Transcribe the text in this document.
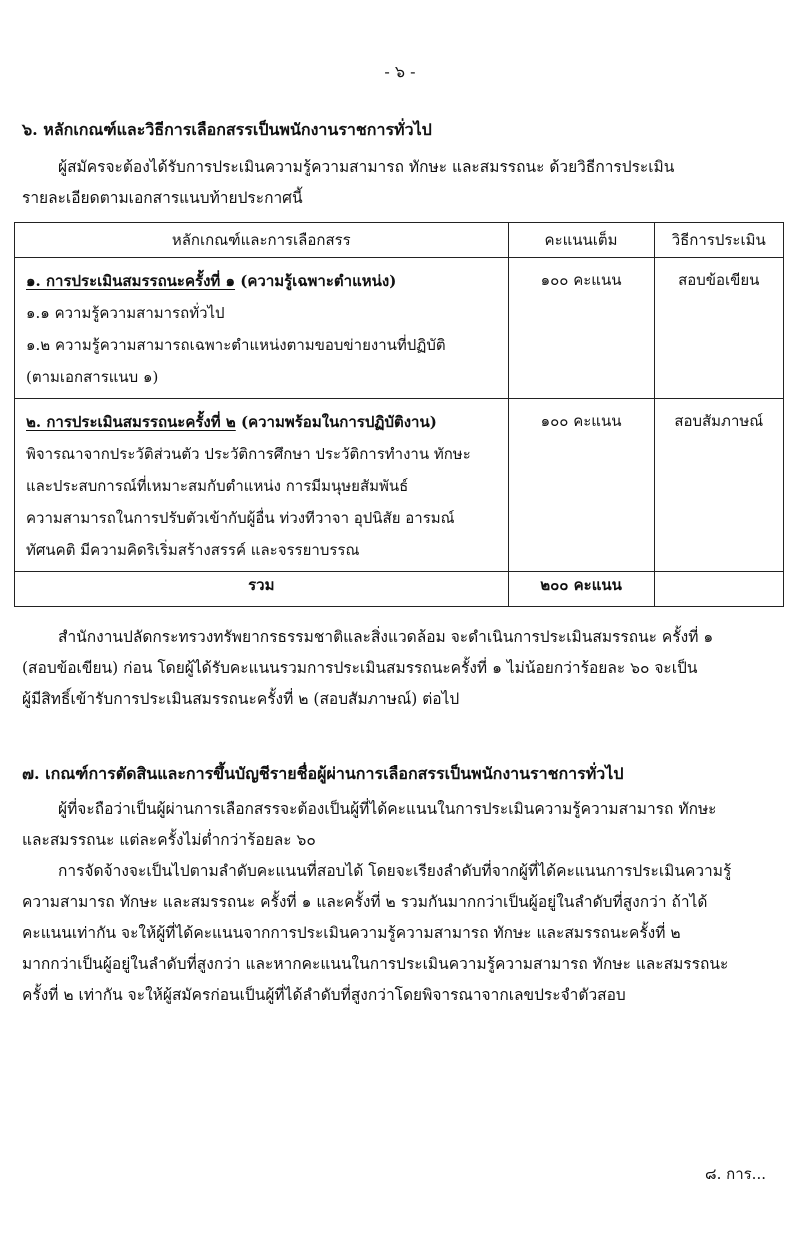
- ๖ -
๖. หลักเกณฑ์และวิธีการเลือกสรรเป็นพนักงานราชการทั่วไป

ผู้สมัครจะต้องได้รับการประเมินความรู้ความสามารถ ทักษะ และสมรรถนะ ด้วยวิธีการประเมิน

รายละเอียดตามเอกสารแนบท้ายประกาศนี้

หลักเกณฑ์และการเลือกสรร	คะแนนเต็ม	วิธีการประเมิน

๑. การประเมินสมรรถนะครั้งที่ ๑ (ความรู้เฉพาะตำแหน่ง)
๑.๑ ความรู้ความสามารถทั่วไป
๑.๒ ความรู้ความสามารถเฉพาะตำแหน่งตามขอบข่ายงานที่ปฏิบัติ
(ตามเอกสารแนบ ๑)	๑๐๐ คะแนน	สอบข้อเขียน

๒. การประเมินสมรรถนะครั้งที่ ๒ (ความพร้อมในการปฏิบัติงาน)
พิจารณาจากประวัติส่วนตัว ประวัติการศึกษา ประวัติการทำงาน ทักษะ
และประสบการณ์ที่เหมาะสมกับตำแหน่ง การมีมนุษยสัมพันธ์
ความสามารถในการปรับตัวเข้ากับผู้อื่น ท่วงทีวาจา อุปนิสัย อารมณ์
ทัศนคติ มีความคิดริเริ่มสร้างสรรค์ และจรรยาบรรณ	๑๐๐ คะแนน	สอบสัมภาษณ์
รวม	๒๐๐ คะแนน	

สำนักงานปลัดกระทรวงทรัพยากรธรรมชาติและสิ่งแวดล้อม จะดำเนินการประเมินสมรรถนะ ครั้งที่ ๑

(สอบข้อเขียน) ก่อน โดยผู้ได้รับคะแนนรวมการประเมินสมรรถนะครั้งที่ ๑ ไม่น้อยกว่าร้อยละ ๖๐ จะเป็น

ผู้มีสิทธิ์เข้ารับการประเมินสมรรถนะครั้งที่ ๒ (สอบสัมภาษณ์) ต่อไป

๗. เกณฑ์การตัดสินและการขึ้นบัญชีรายชื่อผู้ผ่านการเลือกสรรเป็นพนักงานราชการทั่วไป

ผู้ที่จะถือว่าเป็นผู้ผ่านการเลือกสรรจะต้องเป็นผู้ที่ได้คะแนนในการประเมินความรู้ความสามารถ ทักษะ

และสมรรถนะ แต่ละครั้งไม่ต่ำกว่าร้อยละ ๖๐

การจัดจ้างจะเป็นไปตามลำดับคะแนนที่สอบได้ โดยจะเรียงลำดับที่จากผู้ที่ได้คะแนนการประเมินความรู้

ความสามารถ ทักษะ และสมรรถนะ ครั้งที่ ๑ และครั้งที่ ๒ รวมกันมากกว่าเป็นผู้อยู่ในลำดับที่สูงกว่า ถ้าได้

คะแนนเท่ากัน จะให้ผู้ที่ได้คะแนนจากการประเมินความรู้ความสามารถ ทักษะ และสมรรถนะครั้งที่ ๒

มากกว่าเป็นผู้อยู่ในลำดับที่สูงกว่า และหากคะแนนในการประเมินความรู้ความสามารถ ทักษะ และสมรรถนะ

ครั้งที่ ๒ เท่ากัน จะให้ผู้สมัครก่อนเป็นผู้ที่ได้ลำดับที่สูงกว่าโดยพิจารณาจากเลขประจำตัวสอบ

๘. การ...
